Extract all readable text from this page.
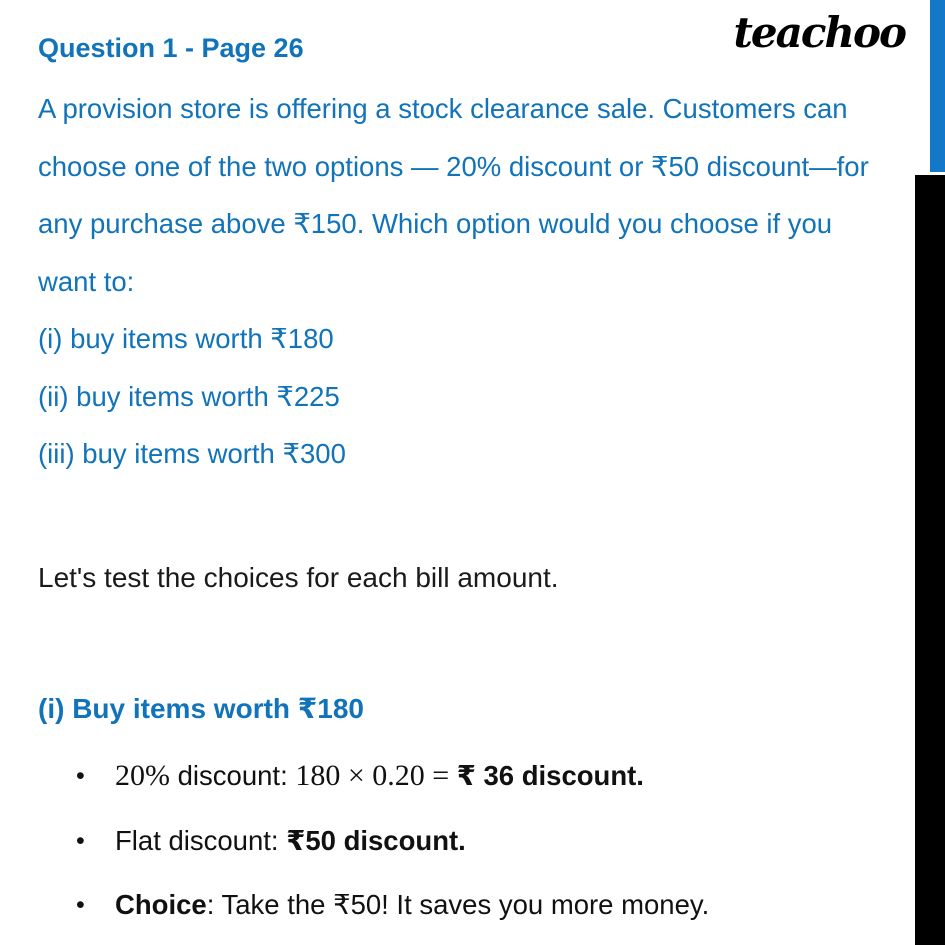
teachoo
Question 1 - Page 26
A provision store is offering a stock clearance sale. Customers can
choose one of the two options — 20% discount or ₹50 discount—for
any purchase above ₹150. Which option would you choose if you
want to:
(i) buy items worth ₹180
(ii) buy items worth ₹225
(iii) buy items worth ₹300
Let's test the choices for each bill amount.
(i) Buy items worth ₹180
• 20% discount: 180 × 0.20 = ₹ 36 discount.
• Flat discount: ₹50 discount.
• Choice: Take the ₹50! It saves you more money.
